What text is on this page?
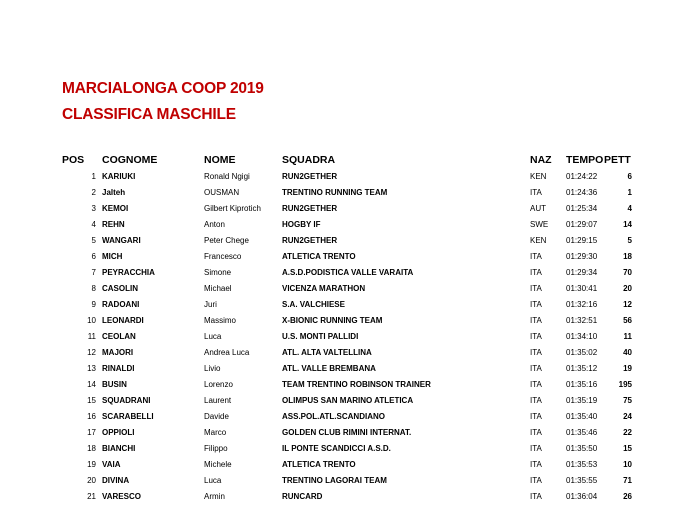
MARCIALONGA COOP 2019
CLASSIFICA MASCHILE
POS COGNOME	NOME	SQUADRA	NAZ TEMPO PETT
1 KARIUKI	Ronald Ngigi	RUN2GETHER	KEN 01:24:22	6
2 Jalteh	OUSMAN	TRENTINO RUNNING TEAM	ITA	01:24:36	1
3 KEMOI	Gilbert Kiprotich	RUN2GETHER	AUT	01:25:34	4
4 REHN	Anton	HOGBY IF	SWE 01:29:07	14
5 WANGARI	Peter Chege	RUN2GETHER	KEN 01:29:15	5
6 MICH	Francesco	ATLETICA TRENTO	ITA	01:29:30	18
7 PEYRACCHIA	Simone	A.S.D.PODISTICA VALLE VARAITA	ITA	01:29:34	70
8 CASOLIN	Michael	VICENZA MARATHON	ITA	01:30:41	20
9 RADOANI	Juri	S.A. VALCHIESE	ITA	01:32:16	12
10 LEONARDI	Massimo	X-BIONIC RUNNING TEAM	ITA	01:32:51	56
11 CEOLAN	Luca	U.S. MONTI PALLIDI	ITA	01:34:10	11
12 MAJORI	Andrea Luca	ATL. ALTA VALTELLINA	ITA	01:35:02	40
13 RINALDI	Livio	ATL. VALLE BREMBANA	ITA	01:35:12	19
14 BUSIN	Lorenzo	TEAM TRENTINO ROBINSON TRAINER	ITA	01:35:16	195
15 SQUADRANI	Laurent	OLIMPUS SAN MARINO ATLETICA	ITA	01:35:19	75
16 SCARABELLI	Davide	ASS.POL.ATL.SCANDIANO	ITA	01:35:40	24
17 OPPIOLI	Marco	GOLDEN CLUB RIMINI INTERNAT.	ITA	01:35:46	22
18 BIANCHI	Filippo	IL PONTE SCANDICCI A.S.D.	ITA	01:35:50	15
19 VAIA	Michele	ATLETICA TRENTO	ITA	01:35:53	10
20 DIVINA	Luca	TRENTINO LAGORAI TEAM	ITA	01:35:55	71
21 VARESCO	Armin	RUNCARD	ITA	01:36:04	26
